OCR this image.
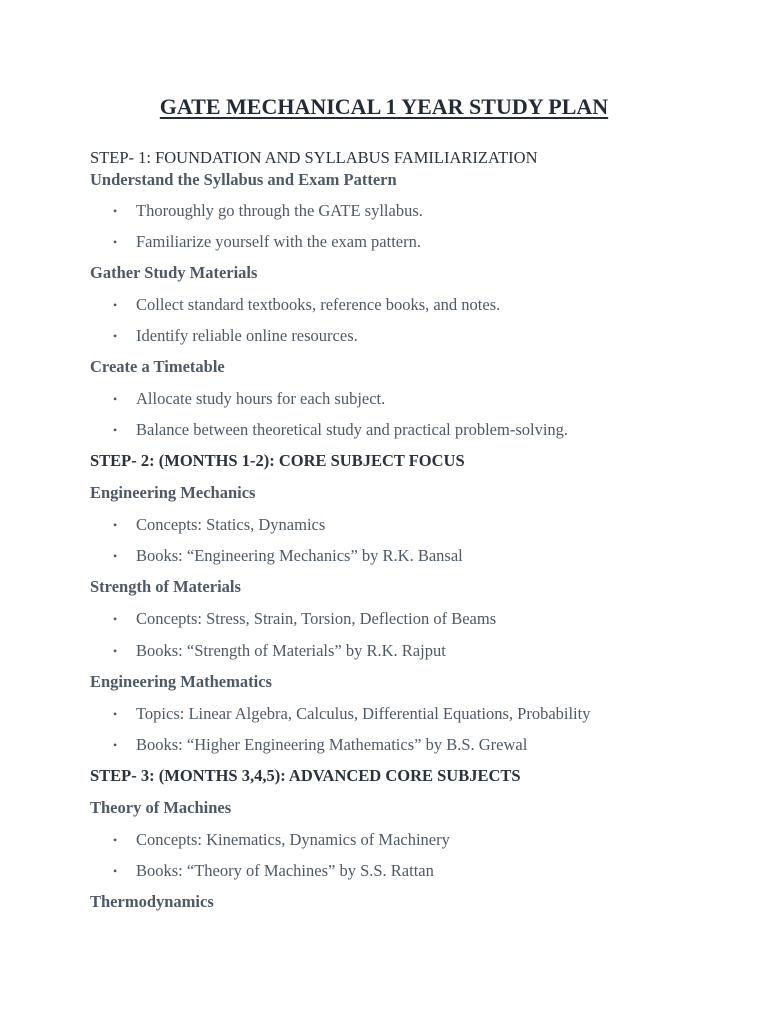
GATE MECHANICAL 1 YEAR STUDY PLAN

STEP- 1: FOUNDATION AND SYLLABUS FAMILIARIZATION

Understand the Syllabus and Exam Pattern

• Thoroughly go through the GATE syllabus.
• Familiarize yourself with the exam pattern.

Gather Study Materials

• Collect standard textbooks, reference books, and notes.
• Identify reliable online resources.

Create a Timetable

• Allocate study hours for each subject.
• Balance between theoretical study and practical problem-solving.

STEP- 2: (MONTHS 1-2): CORE SUBJECT FOCUS

Engineering Mechanics

• Concepts: Statics, Dynamics
• Books: “Engineering Mechanics” by R.K. Bansal

Strength of Materials

• Concepts: Stress, Strain, Torsion, Deflection of Beams
• Books: “Strength of Materials” by R.K. Rajput

Engineering Mathematics

• Topics: Linear Algebra, Calculus, Differential Equations, Probability
• Books: “Higher Engineering Mathematics” by B.S. Grewal

STEP- 3: (MONTHS 3,4,5): ADVANCED CORE SUBJECTS

Theory of Machines

• Concepts: Kinematics, Dynamics of Machinery
• Books: “Theory of Machines” by S.S. Rattan

Thermodynamics
